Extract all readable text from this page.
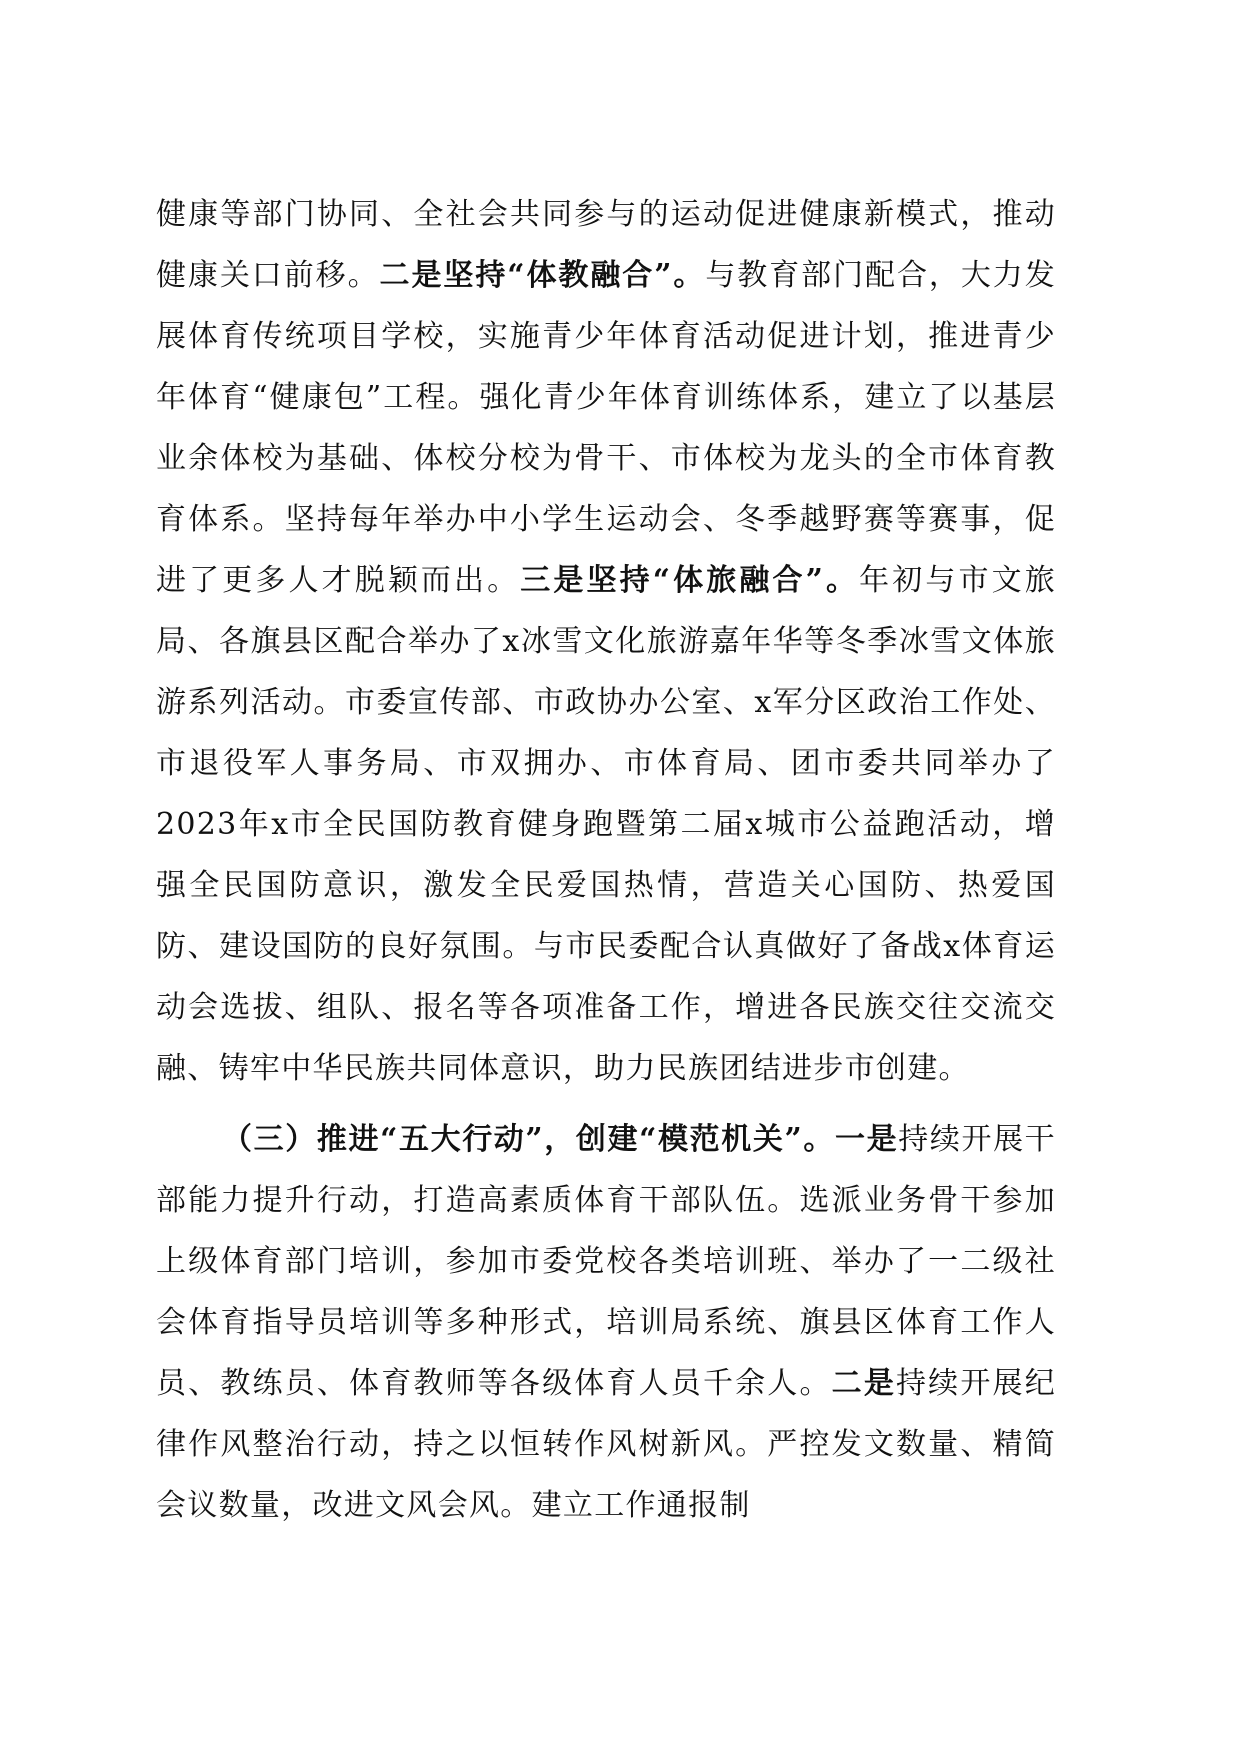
健康等部门协同、全社会共同参与的运动促进健康新模式，推动健康关口前移。二是坚持“体教融合”。与教育部门配合，大力发展体育传统项目学校，实施青少年体育活动促进计划，推进青少年体育“健康包”工程。强化青少年体育训练体系，建立了以基层业余体校为基础、体校分校为骨干、市体校为龙头的全市体育教育体系。坚持每年举办中小学生运动会、冬季越野赛等赛事，促进了更多人才脱颖而出。三是坚持“体旅融合”。年初与市文旅局、各旗县区配合举办了x冰雪文化旅游嘉年华等冬季冰雪文体旅游系列活动。市委宣传部、市政协办公室、x军分区政治工作处、市退役军人事务局、市双拥办、市体育局、团市委共同举办了2023年x市全民国防教育健身跑暨第二届x城市公益跑活动，增强全民国防意识，激发全民爱国热情，营造关心国防、热爱国防、建设国防的良好氛围。与市民委配合认真做好了备战x体育运动会选拔、组队、报名等各项准备工作，增进各民族交往交流交融、铸牢中华民族共同体意识，助力民族团结进步市创建。

（三）推进“五大行动”，创建“模范机关”。一是持续开展干部能力提升行动，打造高素质体育干部队伍。选派业务骨干参加上级体育部门培训，参加市委党校各类培训班、举办了一二级社会体育指导员培训等多种形式，培训局系统、旗县区体育工作人员、教练员、体育教师等各级体育人员千余人。二是持续开展纪律作风整治行动，持之以恒转作风树新风。严控发文数量、精简会议数量，改进文风会风。建立工作通报制
